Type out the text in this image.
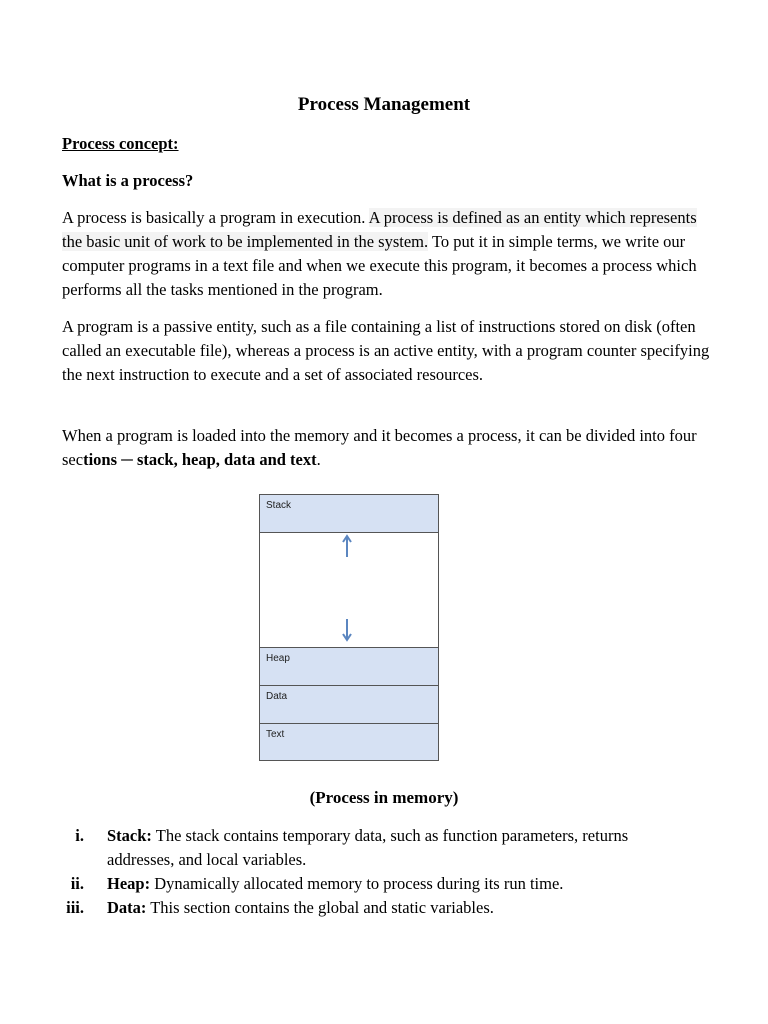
Process Management
Process concept:
What is a process?

A process is basically a program in execution. A process is defined as an entity which represents the basic unit of work to be implemented in the system. To put it in simple terms, we write our computer programs in a text file and when we execute this program, it becomes a process which performs all the tasks mentioned in the program.

A program is a passive entity, such as a file containing a list of instructions stored on disk (often called an executable file), whereas a process is an active entity, with a program counter specifying the next instruction to execute and a set of associated resources.

When a program is loaded into the memory and it becomes a process, it can be divided into four sections ─ stack, heap, data and text.

Stack
Heap
Data
Text
(Process in memory)
i. Stack: The stack contains temporary data, such as function parameters, returns addresses, and local variables.
ii. Heap: Dynamically allocated memory to process during its run time.
iii. Data: This section contains the global and static variables.
